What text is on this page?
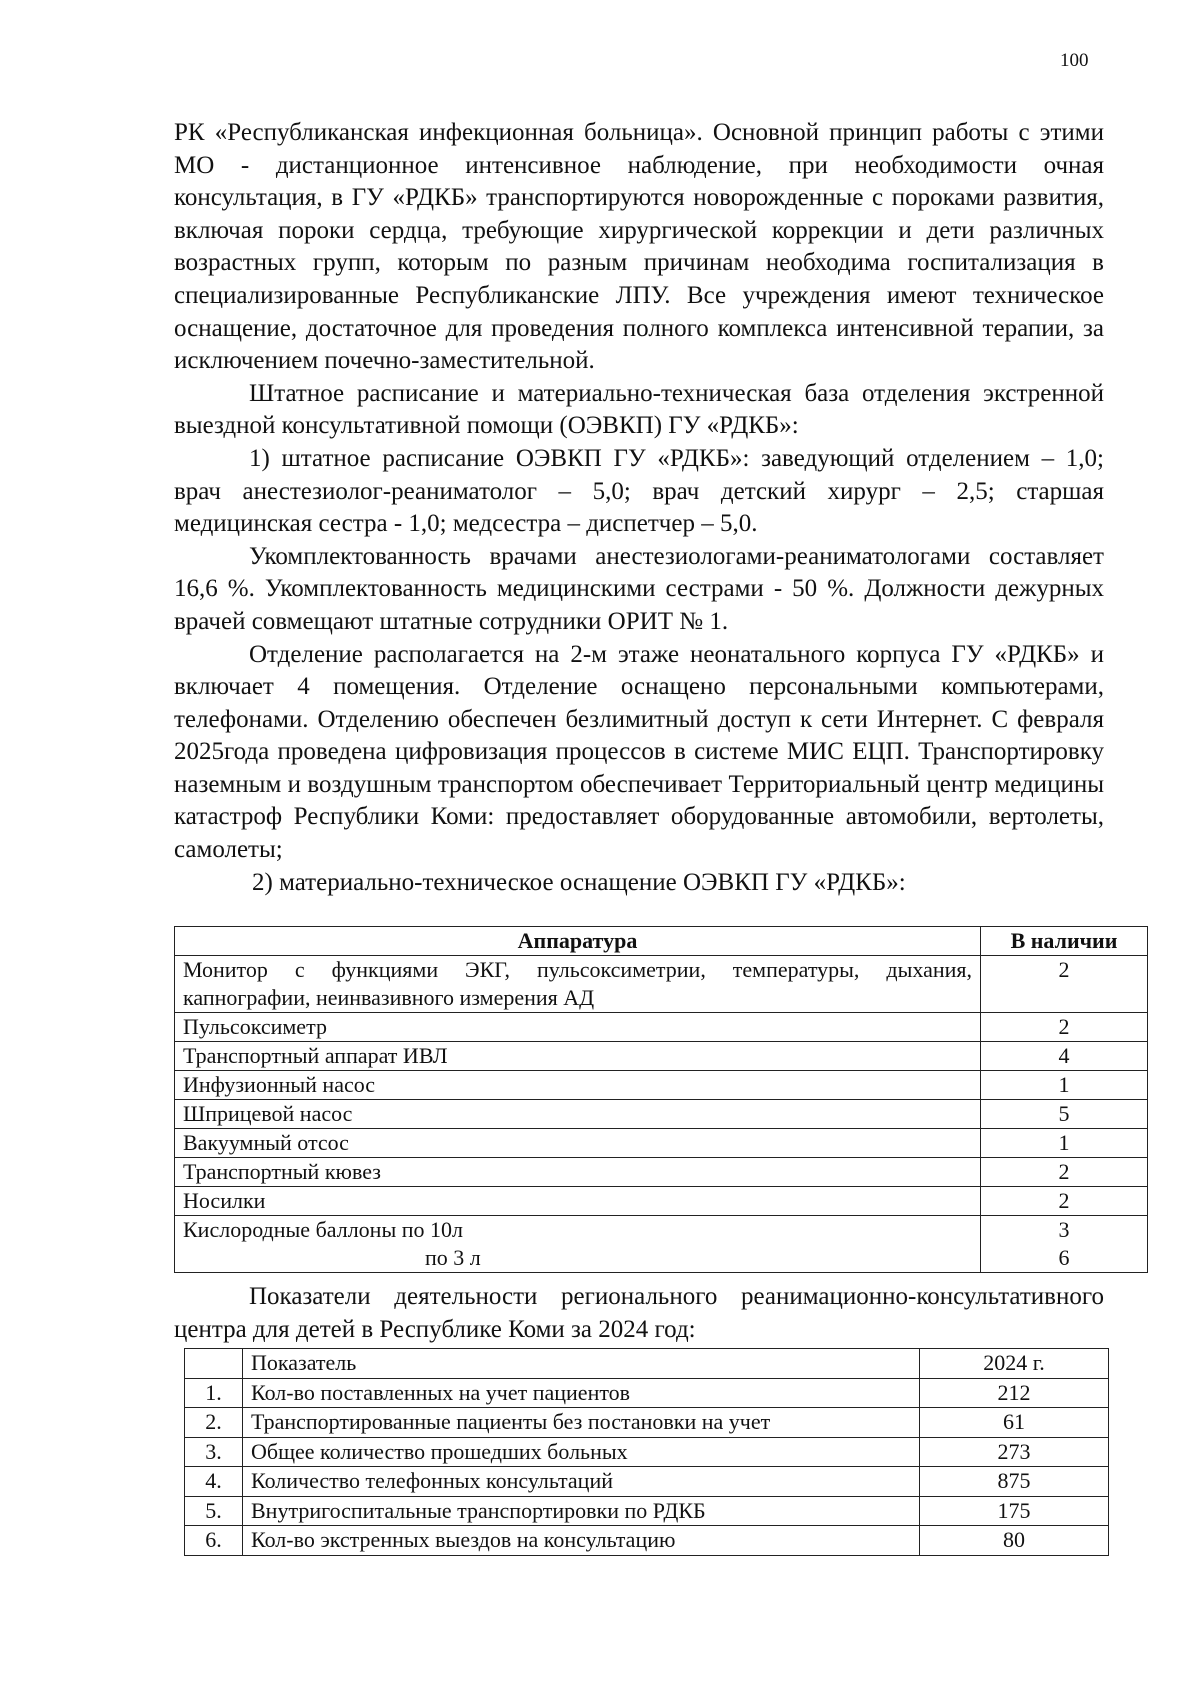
100

РК «Республиканская инфекционная больница». Основной принцип работы с этими МО - дистанционное интенсивное наблюдение, при необходимости очная консультация, в ГУ «РДКБ» транспортируются новорожденные с пороками развития, включая пороки сердца, требующие хирургической коррекции и дети различных возрастных групп, которым по разным причинам необходима госпитализация в специализированные Республиканские ЛПУ. Все учреждения имеют техническое оснащение, достаточное для проведения полного комплекса интенсивной терапии, за исключением почечно-заместительной.

Штатное расписание и материально-техническая база отделения экстренной выездной консультативной помощи (ОЭВКП) ГУ «РДКБ»:

1) штатное расписание ОЭВКП ГУ «РДКБ»: заведующий отделением – 1,0; врач анестезиолог-реаниматолог – 5,0; врач детский хирург – 2,5; старшая медицинская сестра - 1,0; медсестра – диспетчер – 5,0.

Укомплектованность врачами анестезиологами-реаниматологами составляет 16,6 %. Укомплектованность медицинскими сестрами - 50 %. Должности дежурных врачей совмещают штатные сотрудники ОРИТ № 1.

Отделение располагается на 2-м этаже неонатального корпуса ГУ «РДКБ» и включает 4 помещения. Отделение оснащено персональными компьютерами, телефонами. Отделению обеспечен безлимитный доступ к сети Интернет. С февраля 2025года проведена цифровизация процессов в системе МИС ЕЦП. Транспортировку наземным и воздушным транспортом обеспечивает Территориальный центр медицины катастроф Республики Коми: предоставляет оборудованные автомобили, вертолеты, самолеты;

2) материально-техническое оснащение ОЭВКП ГУ «РДКБ»:

Аппаратура	В наличии
Монитор с функциями ЭКГ, пульсоксиметрии, температуры, дыхания, капнографии, неинвазивного измерения АД	2
Пульсоксиметр	2
Транспортный аппарат ИВЛ	4
Инфузионный насос	1
Шприцевой насос	5
Вакуумный отсос	1
Транспортный кювез	2
Носилки	2
Кислородные баллоны по 10л	3
по 3 л	6

Показатели деятельности регионального реанимационно-консультативного центра для детей в Республике Коми за 2024 год:

	Показатель	2024 г.
1.	Кол-во поставленных на учет пациентов	212
2.	Транспортированные пациенты без постановки на учет	61
3.	Общее количество прошедших больных	273
4.	Количество телефонных консультаций	875
5.	Внутригоспитальные транспортировки по РДКБ	175
6.	Кол-во экстренных выездов на консультацию	80
